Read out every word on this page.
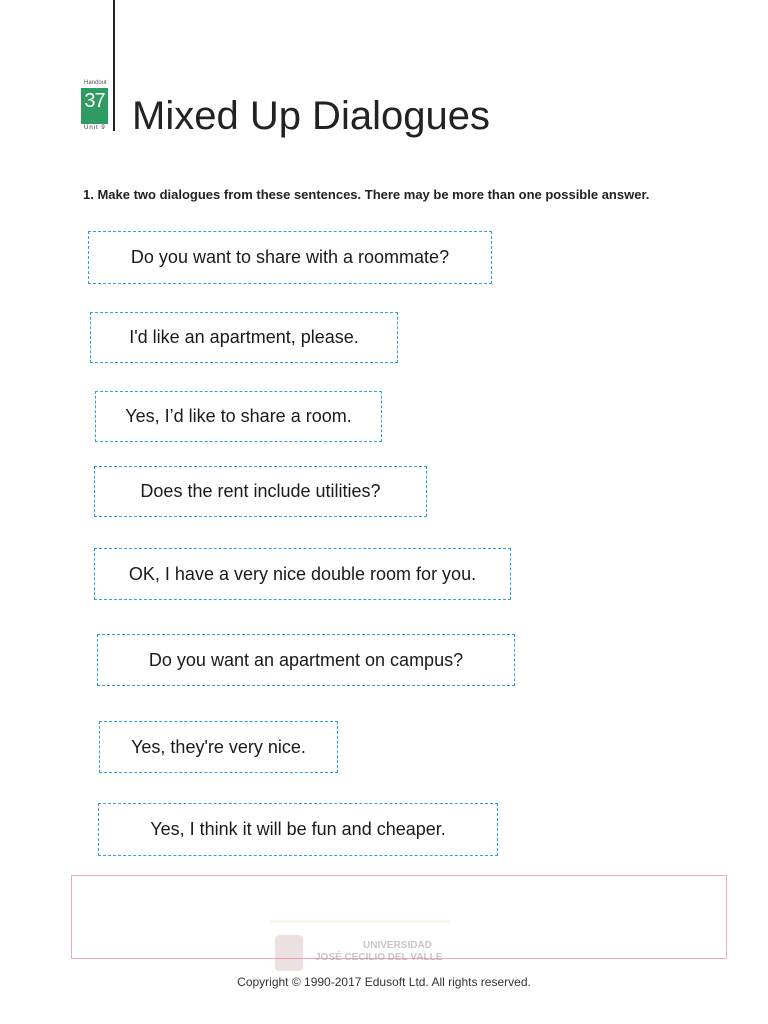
Handout
37
Unit 9 Mixed Up Dialogues
1. Make two dialogues from these sentences. There may be more than one possible answer.
Do you want to share with a roommate?
I'd like an apartment, please.
Yes, I’d like to share a room.
Does the rent include utilities?
OK, I have a very nice double room for you.
Do you want an apartment on campus?
Yes, they're very nice.
Yes, I think it will be fun and cheaper.
UNIVERSIDAD
JOSÉ CECILIO DEL VALLE
Copyright © 1990-2017 Edusoft Ltd. All rights reserved.
